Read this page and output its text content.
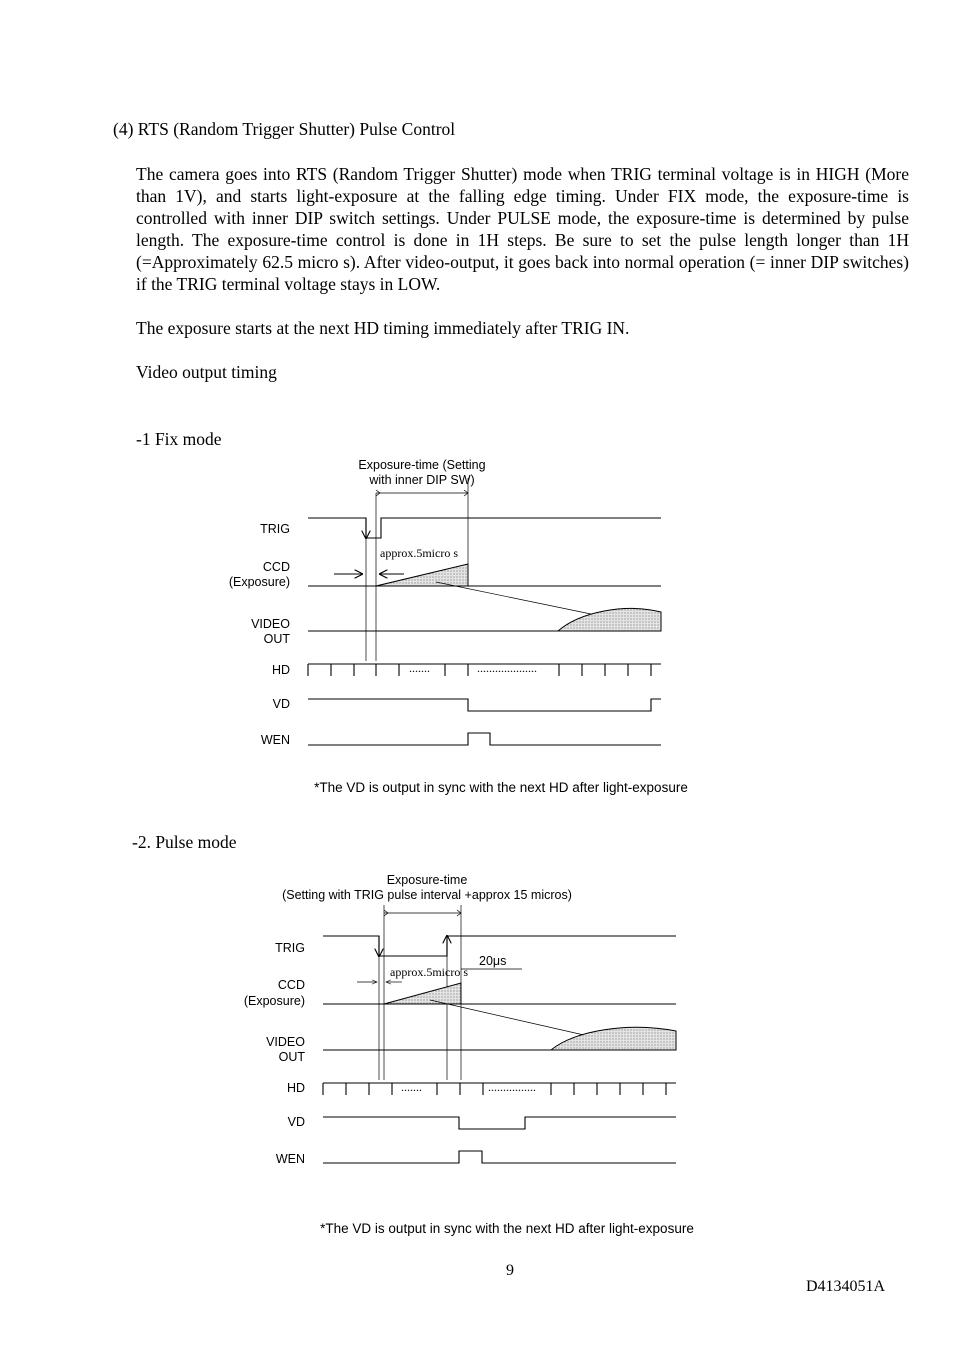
(4) RTS (Random Trigger Shutter) Pulse Control
The camera goes into RTS (Random Trigger Shutter) mode when TRIG terminal voltage is in HIGH (More than 1V), and starts light-exposure at the falling edge timing. Under FIX mode, the exposure-time is controlled with inner DIP switch settings. Under PULSE mode, the exposure-time is determined by pulse length. The exposure-time control is done in 1H steps. Be sure to set the pulse length longer than 1H (=Approximately 62.5 micro s). After video-output, it goes back into normal operation (= inner DIP switches) if the TRIG terminal voltage stays in LOW.
The exposure starts at the next HD timing immediately after TRIG IN.
Video output timing
-1 Fix mode
-2. Pulse mode
Exposure-time (Setting
with inner DIP SW)
TRIG
CCD
(Exposure)
VIDEO
OUT
HD
VD
WEN
approx.5micro s
.......	....................
*The VD is output in sync with the next HD after light-exposure
Exposure-time
(Setting with TRIG pulse interval +approx 15 micros)
TRIG
CCD
(Exposure)
VIDEO
OUT
HD
VD
WEN
approx.5micro s
20μs
.......	................
*The VD is output in sync with the next HD after light-exposure
9
D4134051A
